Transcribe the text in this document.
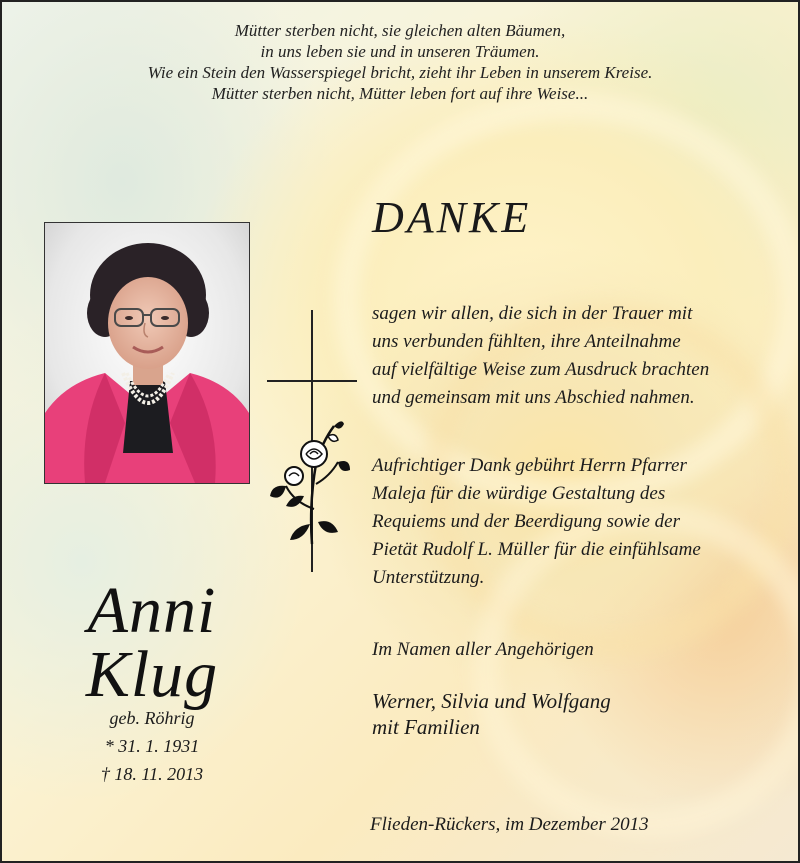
Mütter sterben nicht, sie gleichen alten Bäumen,
in uns leben sie und in unseren Träumen.
Wie ein Stein den Wasserspiegel bricht, zieht ihr Leben in unserem Kreise.
Mütter sterben nicht, Mütter leben fort auf ihre Weise...
DANKE
sagen wir allen, die sich in der Trauer mit
uns verbunden fühlten, ihre Anteilnahme
auf vielfältige Weise zum Ausdruck brachten
und gemeinsam mit uns Abschied nahmen.
Aufrichtiger Dank gebührt Herrn Pfarrer
Maleja für die würdige Gestaltung des
Requiems und der Beerdigung sowie der
Pietät Rudolf L. Müller für die einfühlsame
Unterstützung.
Anni
Klug
geb. Röhrig
* 31. 1. 1931
† 18. 11. 2013
Im Namen aller Angehörigen
Werner, Silvia und Wolfgang
mit Familien
Flieden-Rückers, im Dezember 2013
